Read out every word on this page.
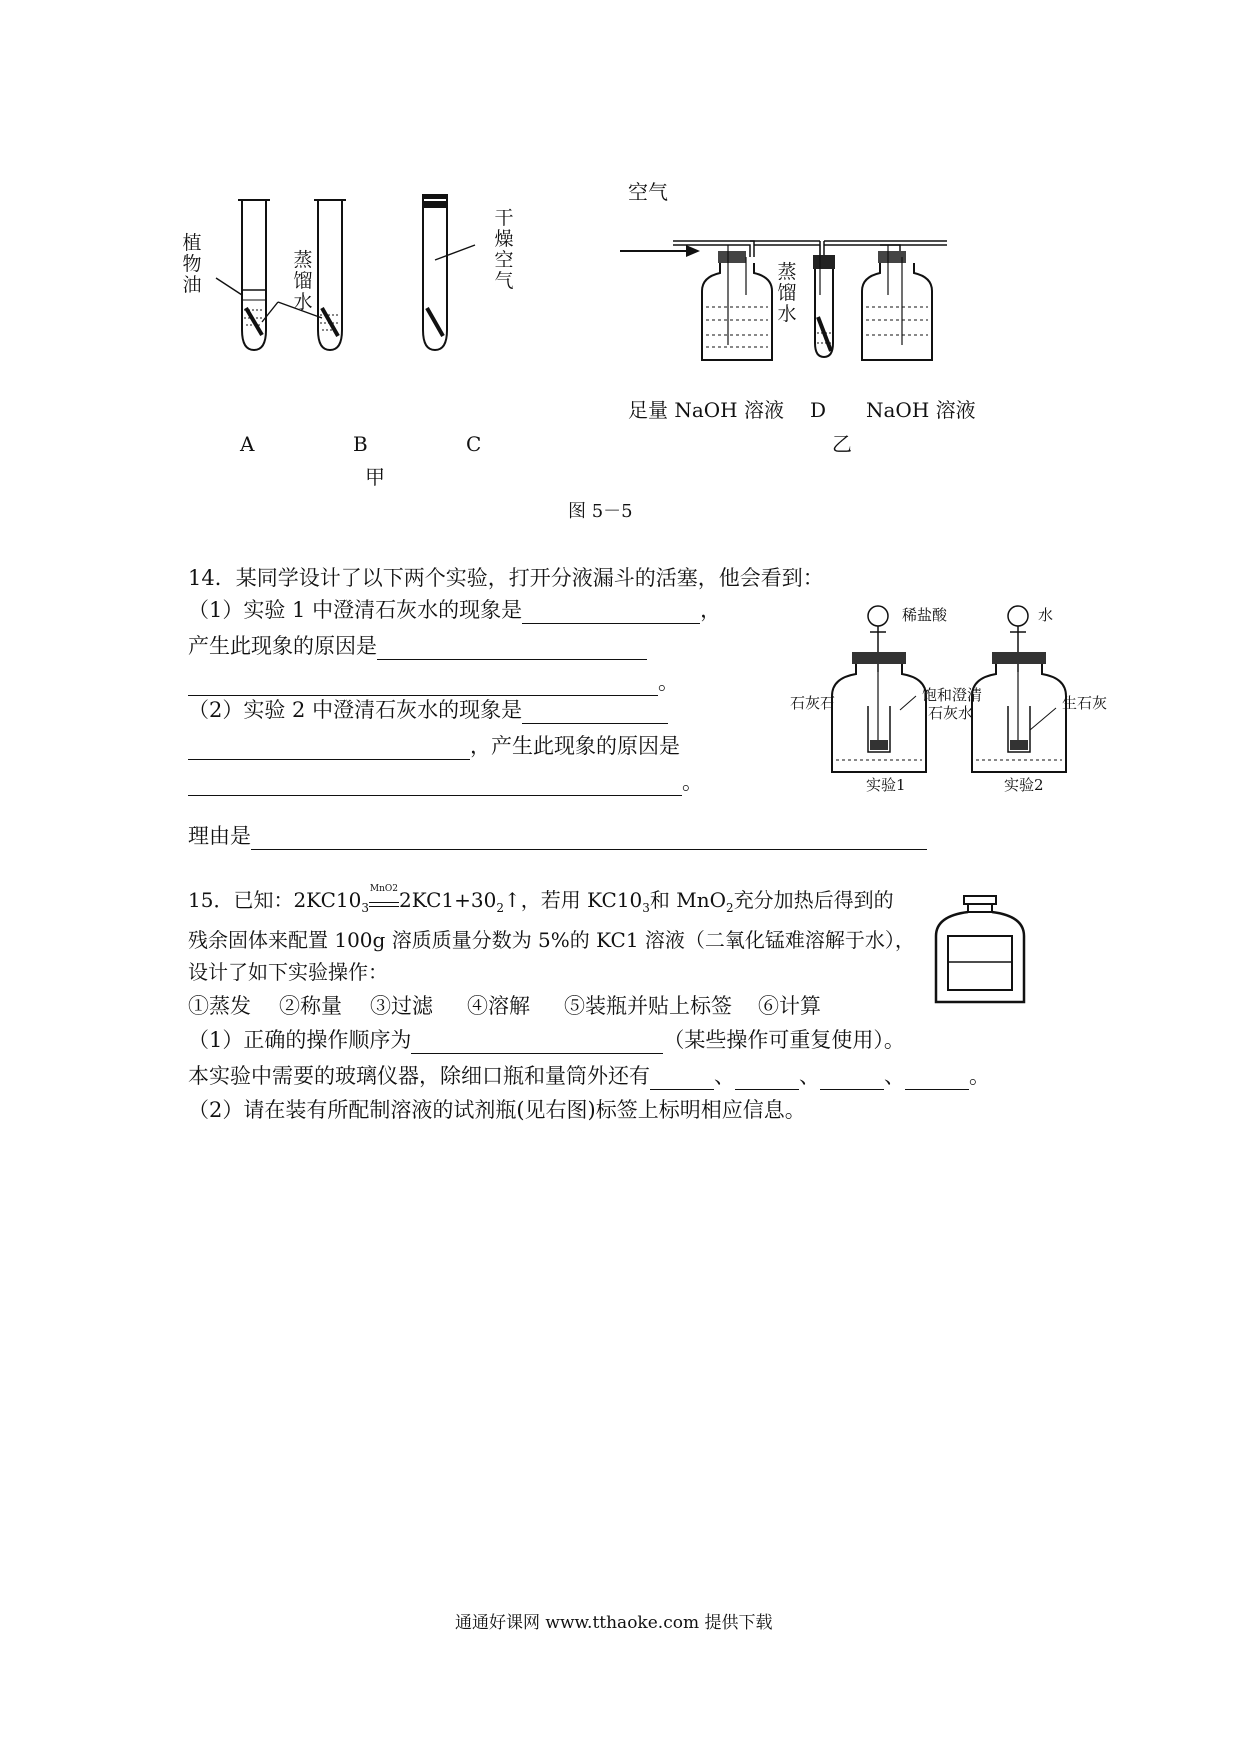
植物油
蒸馏水
干燥空气
A	B	C
甲
空气
蒸馏水
足量 NaOH 溶液 D NaOH 溶液
乙
图 5－5
14．某同学设计了以下两个实验，打开分液漏斗的活塞，他会看到：
（1）实验 1 中澄清石灰水的现象是	，
产生此现象的原因是
。
（2）实验 2 中澄清石灰水的现象是
，产生此现象的原因是
。
理由是
稀盐酸	水
石灰石	饱和澄清
石灰水
生石灰
实验1	实验2
15．已知：$2KC10_3$
MnO2 $2KC1+30_2↑$，若用 $KC10_3$和 MnO$_2$充分加热后得到的
残余固体来配置 100g 溶质质量分数为 5%的 KC1 溶液（二氧化锰难溶解于水），
设计了如下实验操作：
①蒸发 ②称量 ③过滤 ④溶解 ⑤装瓶并贴上标签 ⑥计算
（1）正确的操作顺序为	（某些操作可重复使用）。
本实验中需要的玻璃仪器，除细口瓶和量筒外还有	、	、	、	。
（2）请在装有所配制溶液的试剂瓶(见右图)标签上标明相应信息。
通通好课网 www.tthaoke.com 提供下载
